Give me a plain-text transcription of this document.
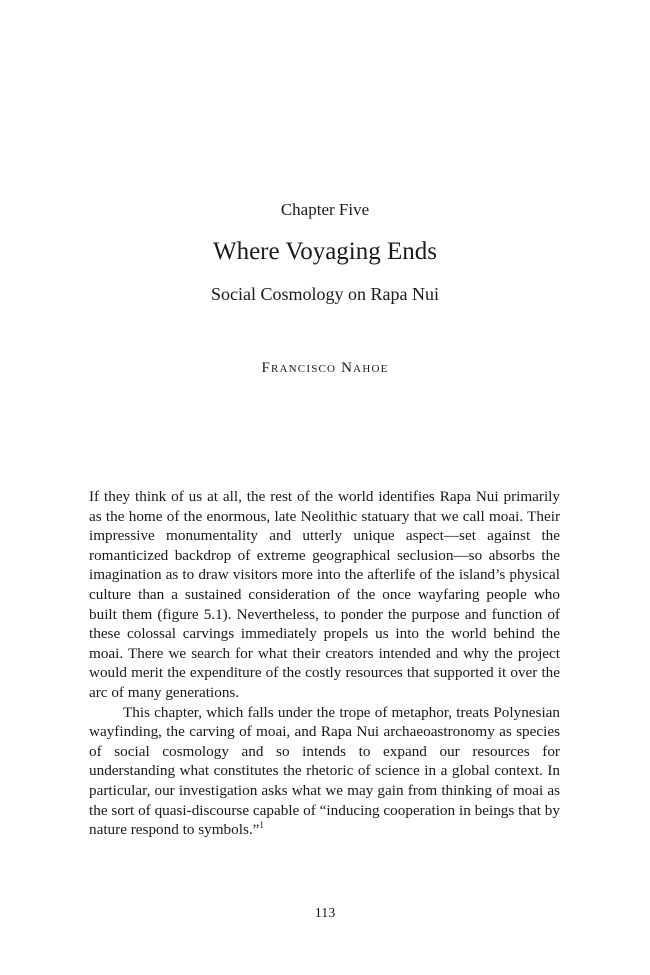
Chapter Five
Where Voyaging Ends
Social Cosmology on Rapa Nui
Francisco Nahoe

If they think of us at all, the rest of the world identifies Rapa Nui primarily as the home of the enormous, late Neolithic statuary that we call moai. Their impressive monumentality and utterly unique aspect—set against the romanticized backdrop of extreme geographical seclusion—so absorbs the imagination as to draw visitors more into the afterlife of the island’s physical culture than a sustained consideration of the once wayfaring people who built them (figure 5.1). Nevertheless, to ponder the purpose and function of these colossal carvings immediately propels us into the world behind the moai. There we search for what their creators intended and why the project would merit the expenditure of the costly resources that supported it over the arc of many generations.

This chapter, which falls under the trope of metaphor, treats Polynesian wayfinding, the carving of moai, and Rapa Nui archaeoastronomy as species of social cosmology and so intends to expand our resources for understanding what constitutes the rhetoric of science in a global context. In particular, our investigation asks what we may gain from thinking of moai as the sort of quasi-discourse capable of “inducing cooperation in beings that by nature respond to symbols.”$^1$

113
